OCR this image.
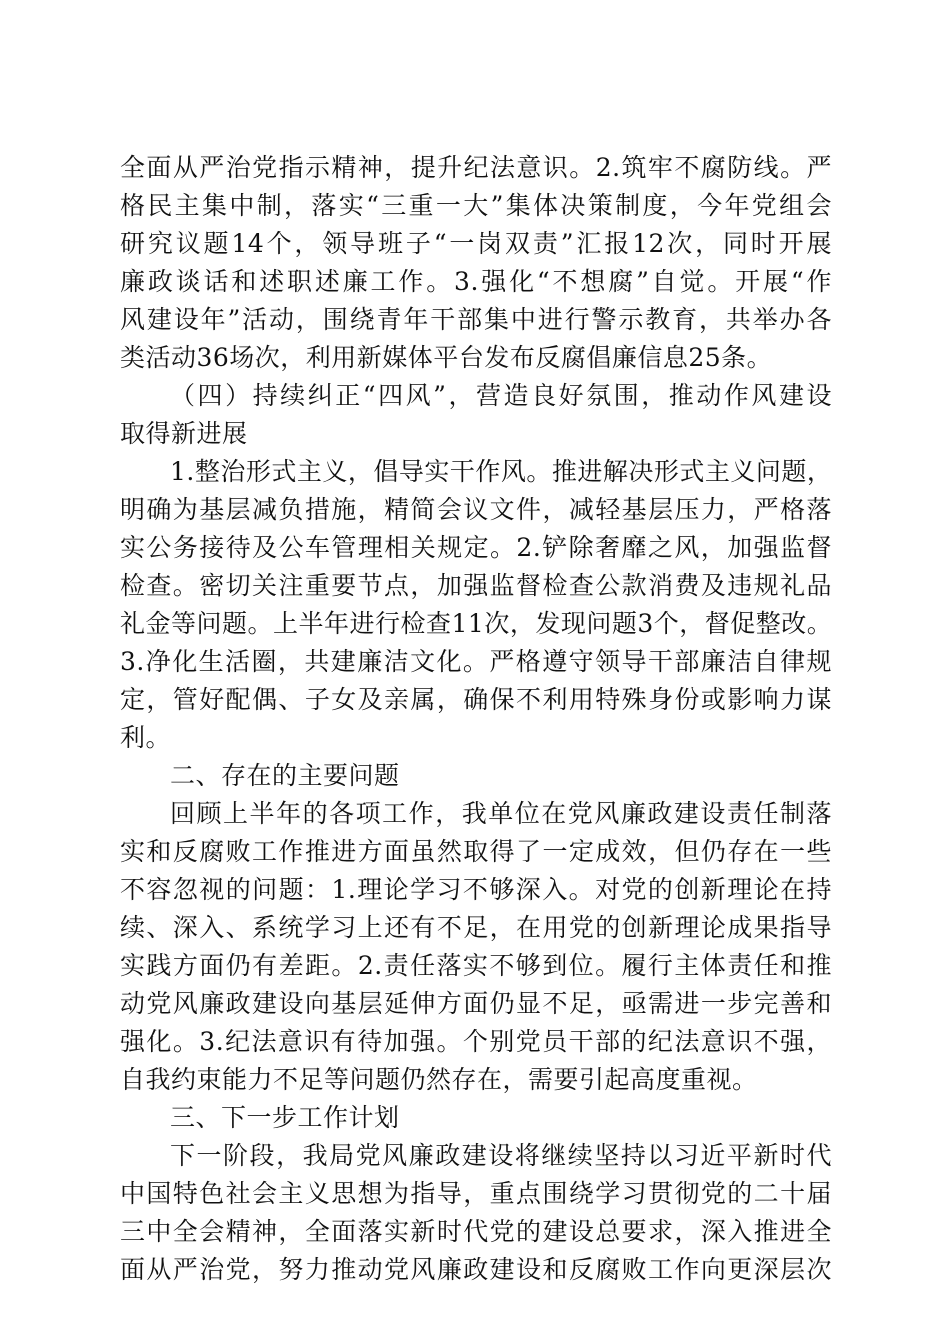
全面从严治党指示精神，提升纪法意识。2.筑牢不腐防线。严
格民主集中制，落实“三重一大”集体决策制度，今年党组会
研究议题14个，领导班子“一岗双责”汇报12次，同时开展
廉政谈话和述职述廉工作。3.强化“不想腐”自觉。开展“作
风建设年”活动，围绕青年干部集中进行警示教育，共举办各
类活动36场次，利用新媒体平台发布反腐倡廉信息25条。
（四）持续纠正“四风”，营造良好氛围，推动作风建设
取得新进展
1.整治形式主义，倡导实干作风。推进解决形式主义问题，
明确为基层减负措施，精简会议文件，减轻基层压力，严格落
实公务接待及公车管理相关规定。2.铲除奢靡之风，加强监督
检查。密切关注重要节点，加强监督检查公款消费及违规礼品
礼金等问题。上半年进行检查11次，发现问题3个，督促整改。
3.净化生活圈，共建廉洁文化。严格遵守领导干部廉洁自律规
定，管好配偶、子女及亲属，确保不利用特殊身份或影响力谋
利。
二、存在的主要问题
回顾上半年的各项工作，我单位在党风廉政建设责任制落
实和反腐败工作推进方面虽然取得了一定成效，但仍存在一些
不容忽视的问题：1.理论学习不够深入。对党的创新理论在持
续、深入、系统学习上还有不足，在用党的创新理论成果指导
实践方面仍有差距。2.责任落实不够到位。履行主体责任和推
动党风廉政建设向基层延伸方面仍显不足，亟需进一步完善和
强化。3.纪法意识有待加强。个别党员干部的纪法意识不强，
自我约束能力不足等问题仍然存在，需要引起高度重视。
三、下一步工作计划
下一阶段，我局党风廉政建设将继续坚持以习近平新时代
中国特色社会主义思想为指导，重点围绕学习贯彻党的二十届
三中全会精神，全面落实新时代党的建设总要求，深入推进全
面从严治党，努力推动党风廉政建设和反腐败工作向更深层次
